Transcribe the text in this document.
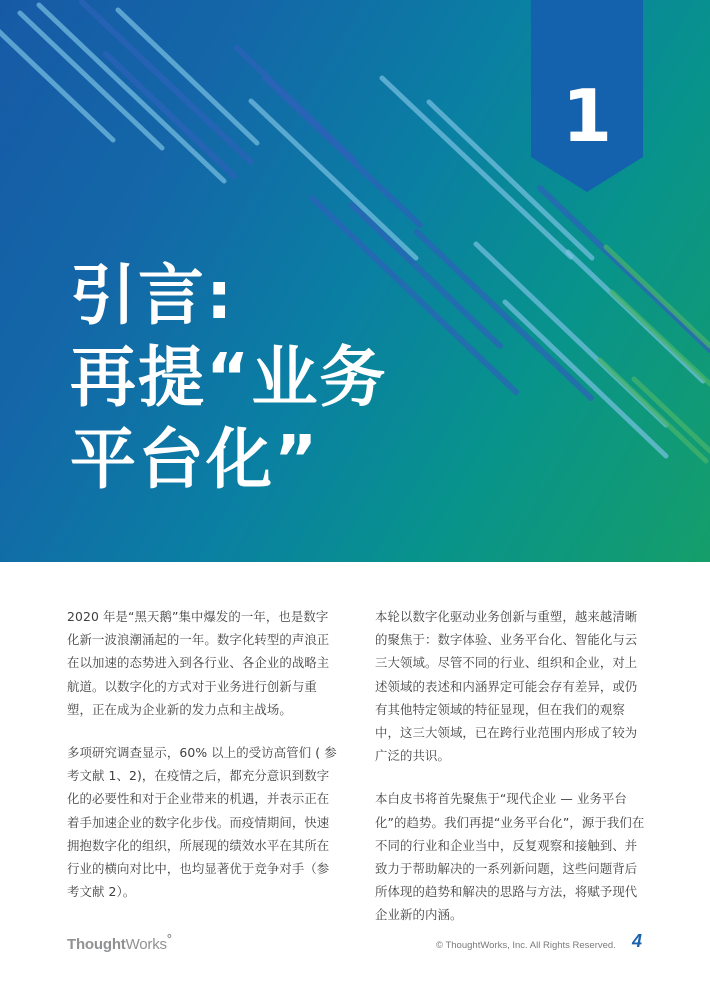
1
引言:
再提“业务
平台化”

2020 年是“黑天鹅”集中爆发的一年，也是数字化新一波浪潮涌起的一年。数字化转型的声浪正在以加速的态势进入到各行业、各企业的战略主航道。以数字化的方式对于业务进行创新与重塑，正在成为企业新的发力点和主战场。

多项研究调查显示，60% 以上的受访高管们 ( 参考文献 1、2)，在疫情之后，都充分意识到数字化的必要性和对于企业带来的机遇，并表示正在着手加速企业的数字化步伐。而疫情期间，快速拥抱数字化的组织，所展现的绩效水平在其所在行业的横向对比中，也均显著优于竞争对手（参考文献 2）。

本轮以数字化驱动业务创新与重塑，越来越清晰的聚焦于：数字体验、业务平台化、智能化与云三大领域。尽管不同的行业、组织和企业，对上述领域的表述和内涵界定可能会存有差异，或仍有其他特定领域的特征显现，但在我们的观察中，这三大领域，已在跨行业范围内形成了较为广泛的共识。

本白皮书将首先聚焦于“现代企业 — 业务平台化”的趋势。我们再提“业务平台化”，源于我们在不同的行业和企业当中，反复观察和接触到、并致力于帮助解决的一系列新问题，这些问题背后所体现的趋势和解决的思路与方法，将赋予现代企业新的内涵。

ThoughtWorks°	© ThoughtWorks, Inc. All Rights Reserved. 4
